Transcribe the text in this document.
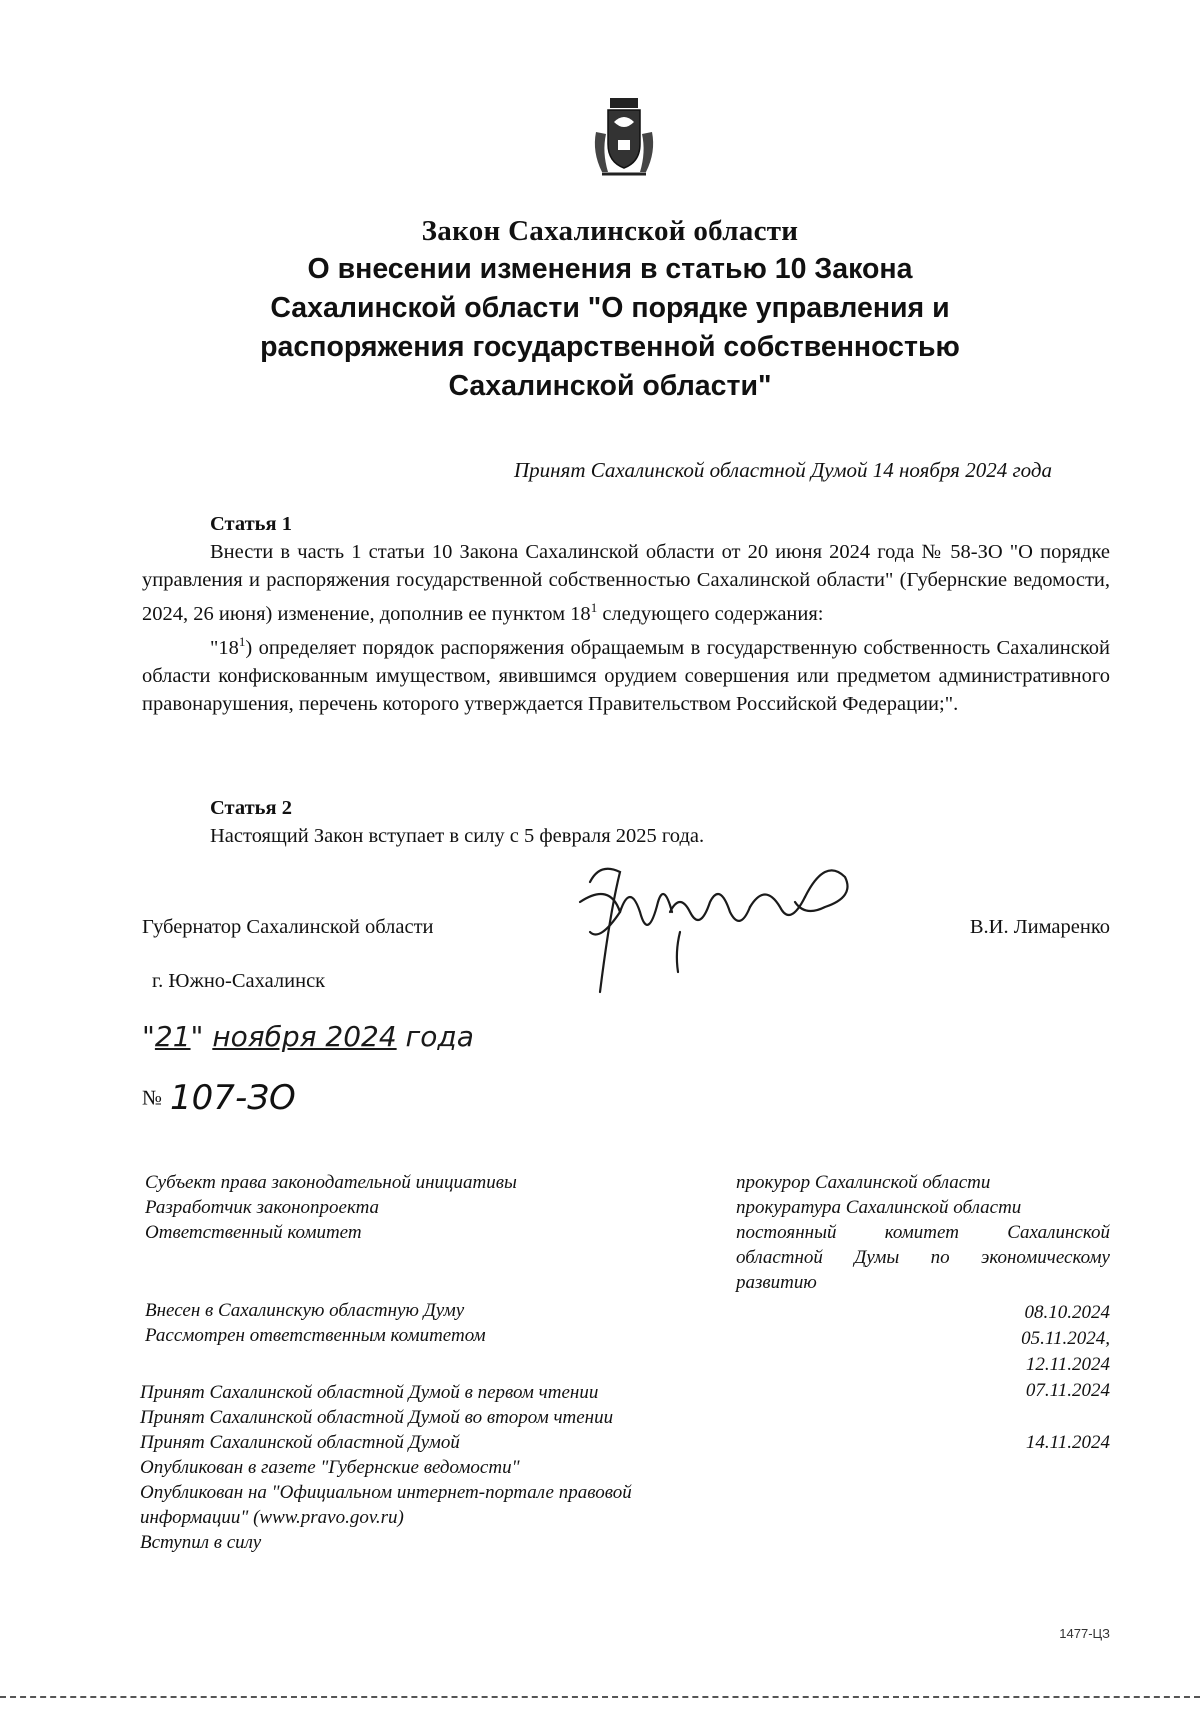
Закон Сахалинской области
О внесении изменения в статью 10 Закона
Сахалинской области "О порядке управления и
распоряжения государственной собственностью
Сахалинской области"
Принят Сахалинской областной Думой 14 ноября 2024 года
Статья 1

Внести в часть 1 статьи 10 Закона Сахалинской области от 20 июня 2024 года № 58-ЗО "О порядке управления и распоряжения государственной собственностью Сахалинской области" (Губернские ведомости, 2024, 26 июня) изменение, дополнив ее пунктом $18^1$ следующего содержания:

"$18^1$) определяет порядок распоряжения обращаемым в государственную собственность Сахалинской области конфискованным имуществом, явившимся орудием совершения или предметом административного правонарушения, перечень которого утверждается Правительством Российской Федерации;".

Статья 2

Настоящий Закон вступает в силу с 5 февраля 2025 года.

Губернатор Сахалинской области	В.И. Лимаренко
г. Южно-Сахалинск
"21" ноября 2024 года
№ 107-ЗО
Субъект права законодательной инициативы
Разработчик законопроекта
Ответственный комитет
прокурор Сахалинской области
прокуратура Сахалинской области
постоянный комитет Сахалинской
областной Думы по экономическому
развитию
Внесен в Сахалинскую областную Думу
Рассмотрен ответственным комитетом
Принят Сахалинской областной Думой в первом чтении
Принят Сахалинской областной Думой во втором чтении
Принят Сахалинской областной Думой
Опубликован в газете "Губернские ведомости"
Опубликован на "Официальном интернет-портале правовой
информации" (www.pravo.gov.ru)
Вступил в силу
08.10.2024
05.11.2024,
12.11.2024
07.11.2024
14.11.2024
1477-ЦЗ
